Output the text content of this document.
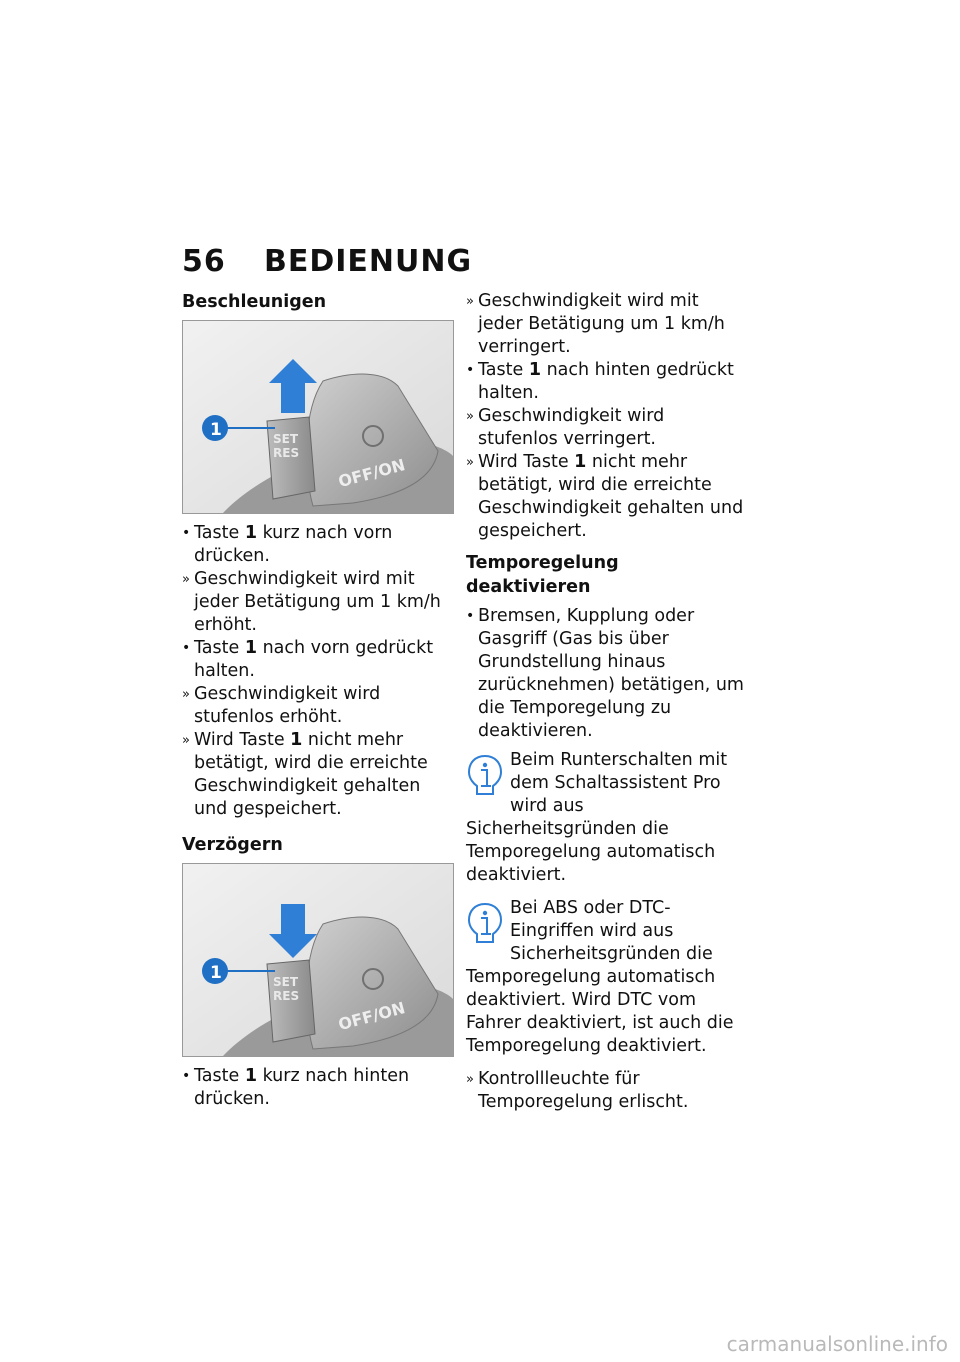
56 BEDIENUNG
Beschleunigen
OFF/ON
SET
RES
1
• Taste 1 kurz nach vorn drücken.
» Geschwindigkeit wird mit jeder Betätigung um 1 km/h erhöht.
• Taste 1 nach vorn gedrückt halten.
» Geschwindigkeit wird stufenlos erhöht.
» Wird Taste 1 nicht mehr betätigt, wird die erreichte Geschwindigkeit gehalten und gespeichert.
Verzögern
OFF/ON
SET
RES
1
• Taste 1 kurz nach hinten drücken.
» Geschwindigkeit wird mit jeder Betätigung um 1 km/h verringert.
• Taste 1 nach hinten gedrückt halten.
» Geschwindigkeit wird stufenlos verringert.
» Wird Taste 1 nicht mehr betätigt, wird die erreichte Geschwindigkeit gehalten und gespeichert.
Temporegelung deaktivieren
• Bremsen, Kupplung oder Gasgriff (Gas bis über Grundstellung hinaus zurücknehmen) betätigen, um die Temporegelung zu deaktivieren.

Beim Runterschalten mit dem Schaltassistent Pro wird aus Sicherheitsgründen die Temporegelung automatisch deaktiviert.

Bei ABS oder DTC-Eingriffen wird aus Sicherheitsgründen die Temporegelung automatisch deaktiviert. Wird DTC vom Fahrer deaktiviert, ist auch die Temporegelung deaktiviert.

» Kontrollleuchte für Temporegelung erlischt.
carmanualsonline.info
